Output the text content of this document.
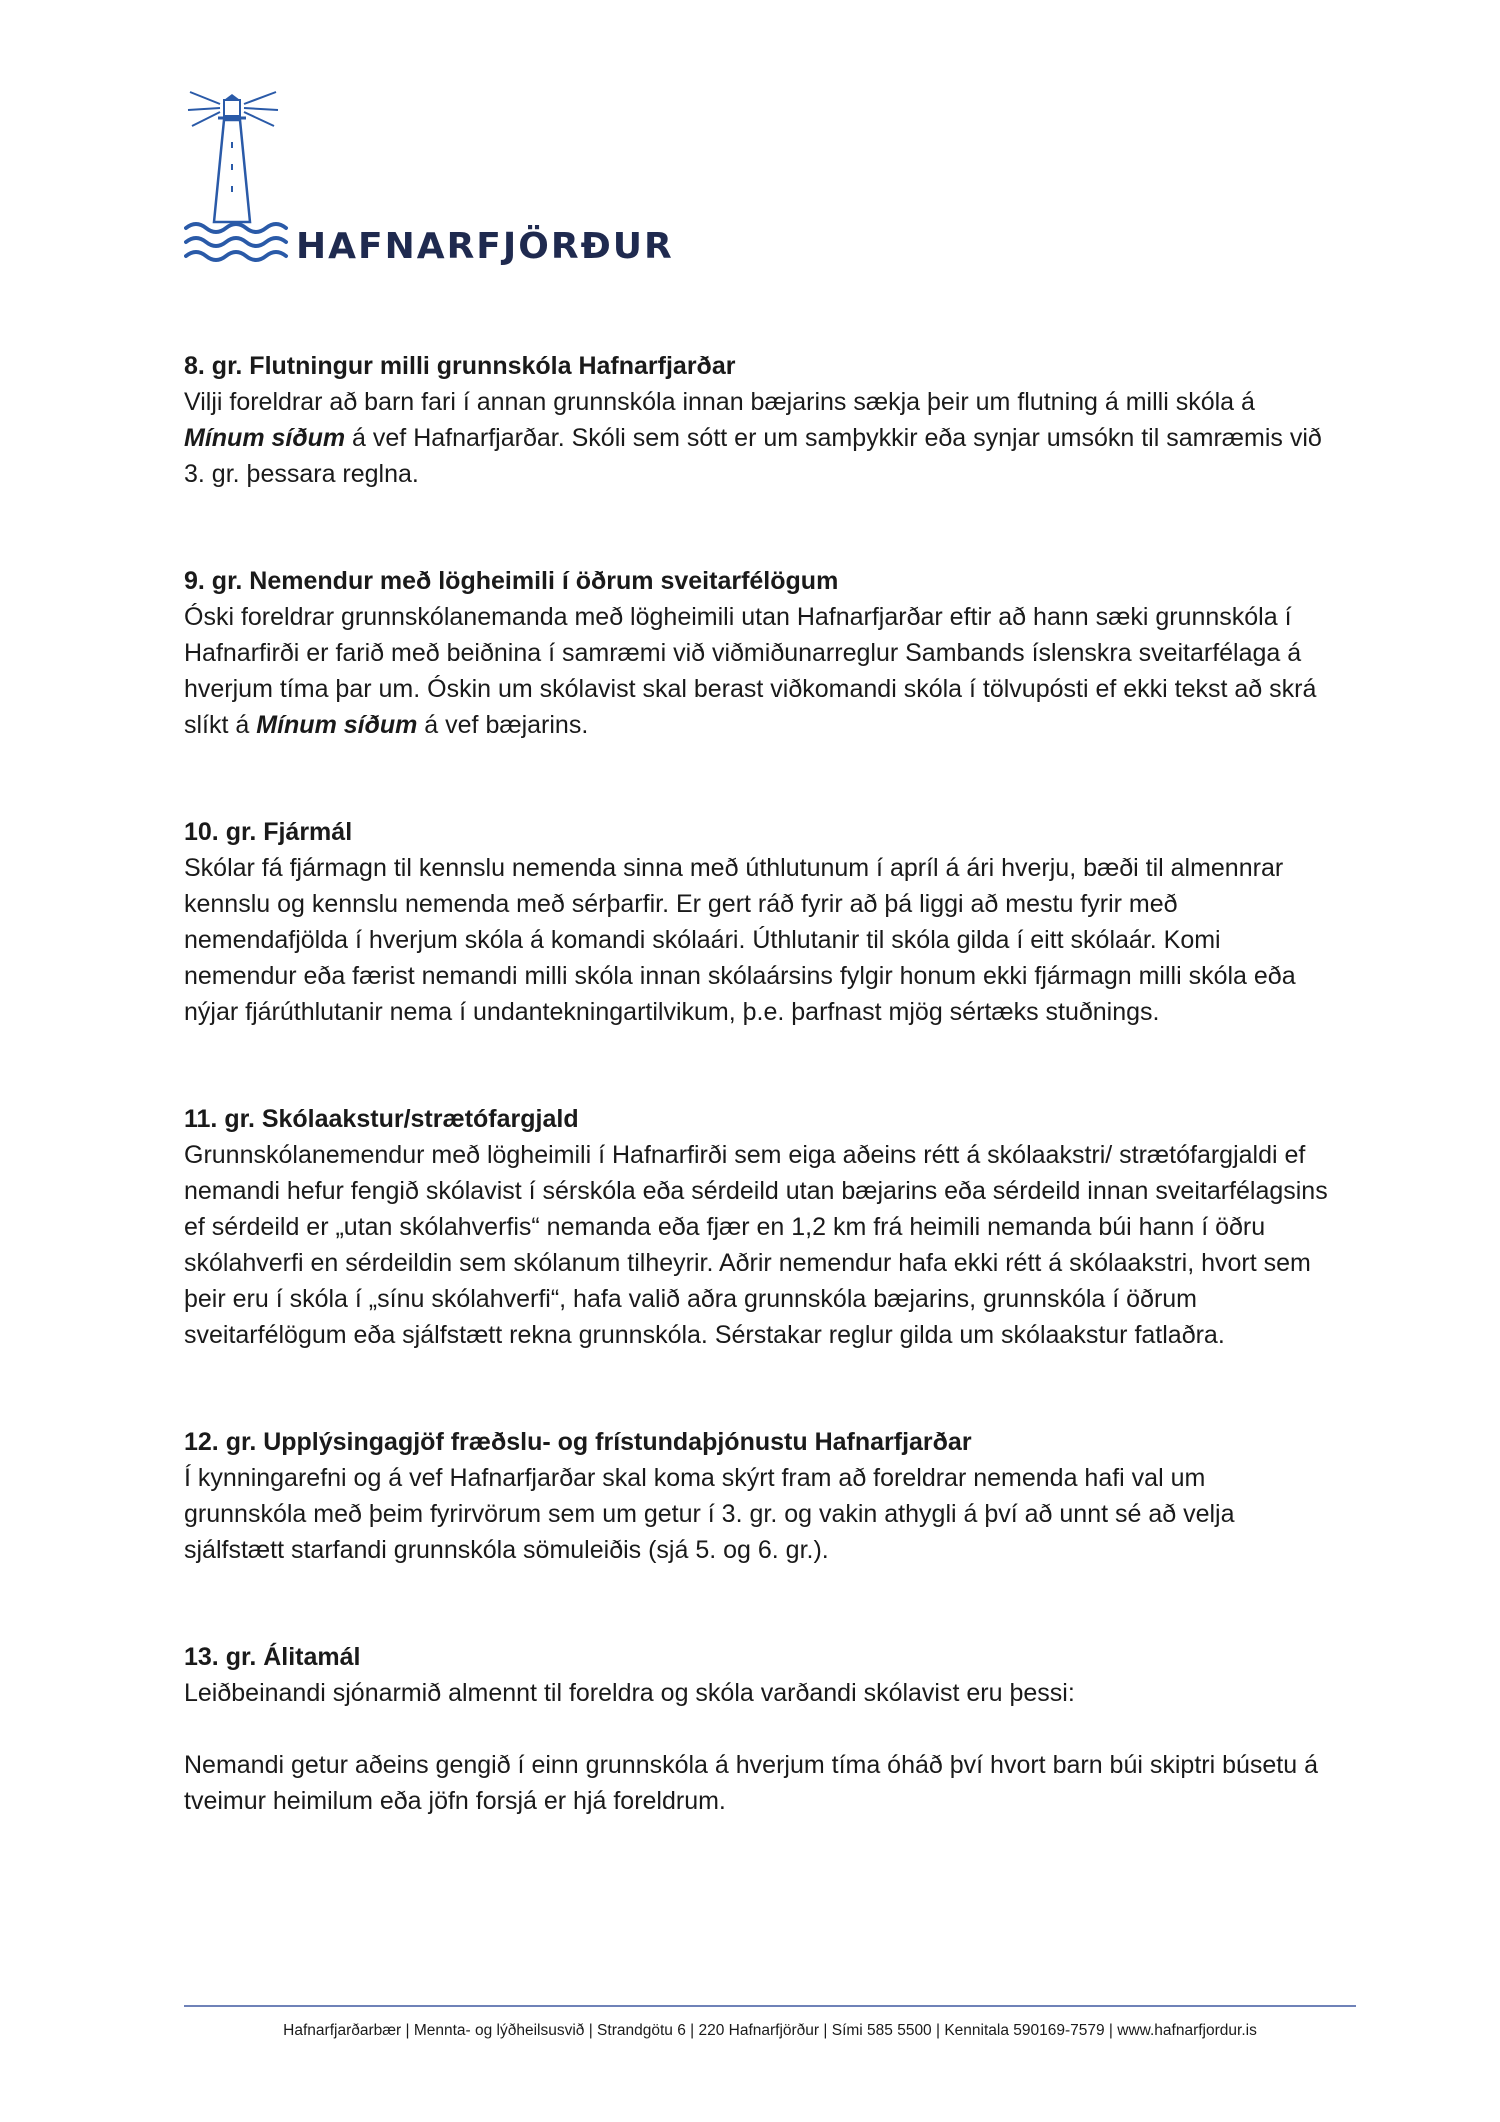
HAFNARFJÖRÐUR
8. gr. Flutningur milli grunnskóla Hafnarfjarðar

Vilji foreldrar að barn fari í annan grunnskóla innan bæjarins sækja þeir um flutning á milli skóla á Mínum síðum á vef Hafnarfjarðar. Skóli sem sótt er um samþykkir eða synjar umsókn til samræmis við 3. gr. þessara reglna.

9. gr. Nemendur með lögheimili í öðrum sveitarfélögum

Óski foreldrar grunnskólanemanda með lögheimili utan Hafnarfjarðar eftir að hann sæki grunnskóla í Hafnarfirði er farið með beiðnina í samræmi við viðmiðunarreglur Sambands íslenskra sveitarfélaga á hverjum tíma þar um. Óskin um skólavist skal berast viðkomandi skóla í tölvupósti ef ekki tekst að skrá slíkt á Mínum síðum á vef bæjarins.

10. gr. Fjármál

Skólar fá fjármagn til kennslu nemenda sinna með úthlutunum í apríl á ári hverju, bæði til almennrar kennslu og kennslu nemenda með sérþarfir. Er gert ráð fyrir að þá liggi að mestu fyrir með nemendafjölda í hverjum skóla á komandi skólaári. Úthlutanir til skóla gilda í eitt skólaár. Komi nemendur eða færist nemandi milli skóla innan skólaársins fylgir honum ekki fjármagn milli skóla eða nýjar fjárúthlutanir nema í undantekningartilvikum, þ.e. þarfnast mjög sértæks stuðnings.

11. gr. Skólaakstur/strætófargjald

Grunnskólanemendur með lögheimili í Hafnarfirði sem eiga aðeins rétt á skólaakstri/ strætófargjaldi ef nemandi hefur fengið skólavist í sérskóla eða sérdeild utan bæjarins eða sérdeild innan sveitarfélagsins ef sérdeild er „utan skólahverfis“ nemanda eða fjær en 1,2 km frá heimili nemanda búi hann í öðru skólahverfi en sérdeildin sem skólanum tilheyrir. Aðrir nemendur hafa ekki rétt á skólaakstri, hvort sem þeir eru í skóla í „sínu skólahverfi“, hafa valið aðra grunnskóla bæjarins, grunnskóla í öðrum sveitarfélögum eða sjálfstætt rekna grunnskóla. Sérstakar reglur gilda um skólaakstur fatlaðra.

12. gr. Upplýsingagjöf fræðslu- og frístundaþjónustu Hafnarfjarðar

Í kynningarefni og á vef Hafnarfjarðar skal koma skýrt fram að foreldrar nemenda hafi val um grunnskóla með þeim fyrirvörum sem um getur í 3. gr. og vakin athygli á því að unnt sé að velja sjálfstætt starfandi grunnskóla sömuleiðis (sjá 5. og 6. gr.).

13. gr. Álitamál

Leiðbeinandi sjónarmið almennt til foreldra og skóla varðandi skólavist eru þessi:

Nemandi getur aðeins gengið í einn grunnskóla á hverjum tíma óháð því hvort barn búi skiptri búsetu á tveimur heimilum eða jöfn forsjá er hjá foreldrum.

Hafnarfjarðarbær | Mennta- og lýðheilsusvið | Strandgötu 6 | 220 Hafnarfjörður | Sími 585 5500 | Kennitala 590169-7579 | www.hafnarfjordur.is
